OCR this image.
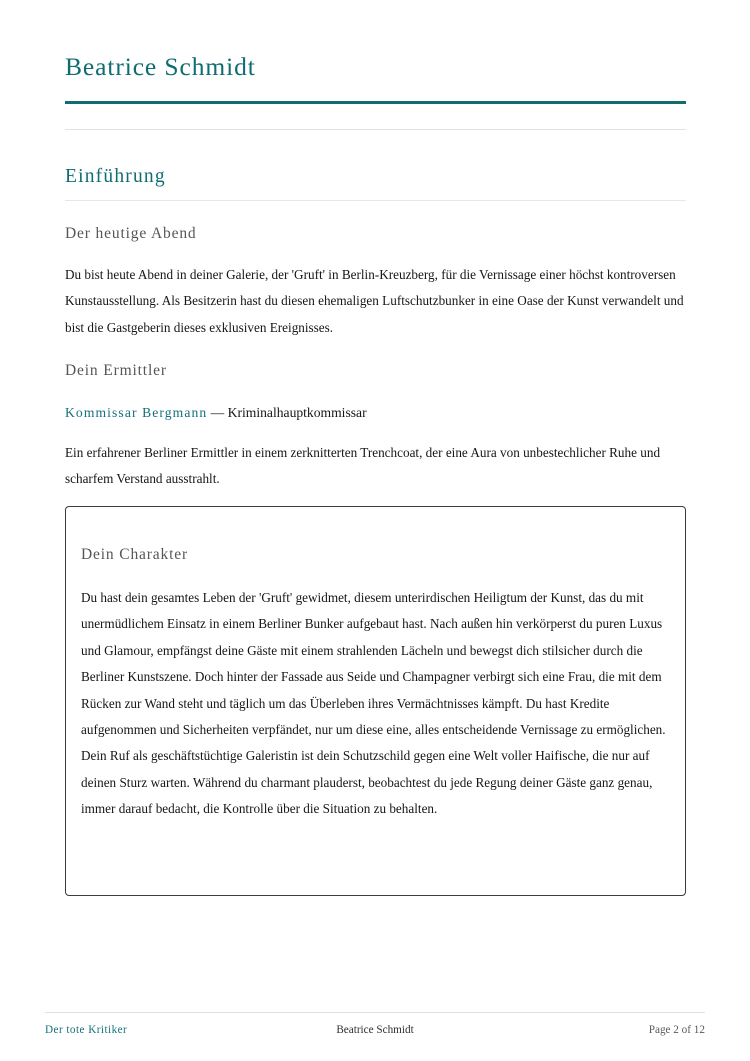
Beatrice Schmidt
Einführung
Der heutige Abend

Du bist heute Abend in deiner Galerie, der 'Gruft' in Berlin-Kreuzberg, für die Vernissage einer höchst kontroversen Kunstausstellung. Als Besitzerin hast du diesen ehemaligen Luftschutzbunker in eine Oase der Kunst verwandelt und bist die Gastgeberin dieses exklusiven Ereignisses.

Dein Ermittler

Kommissar Bergmann — Kriminalhauptkommissar

Ein erfahrener Berliner Ermittler in einem zerknitterten Trenchcoat, der eine Aura von unbestechlicher Ruhe und scharfem Verstand ausstrahlt.

Dein Charakter

Du hast dein gesamtes Leben der 'Gruft' gewidmet, diesem unterirdischen Heiligtum der Kunst, das du mit unermüdlichem Einsatz in einem Berliner Bunker aufgebaut hast. Nach außen hin verkörperst du puren Luxus und Glamour, empfängst deine Gäste mit einem strahlenden Lächeln und bewegst dich stilsicher durch die Berliner Kunstszene. Doch hinter der Fassade aus Seide und Champagner verbirgt sich eine Frau, die mit dem Rücken zur Wand steht und täglich um das Überleben ihres Vermächtnisses kämpft. Du hast Kredite aufgenommen und Sicherheiten verpfändet, nur um diese eine, alles entscheidende Vernissage zu ermöglichen. Dein Ruf als geschäftstüchtige Galeristin ist dein Schutzschild gegen eine Welt voller Haifische, die nur auf deinen Sturz warten. Während du charmant plauderst, beobachtest du jede Regung deiner Gäste ganz genau, immer darauf bedacht, die Kontrolle über die Situation zu behalten.

Der tote Kritiker	Beatrice Schmidt	Page 2 of 12
